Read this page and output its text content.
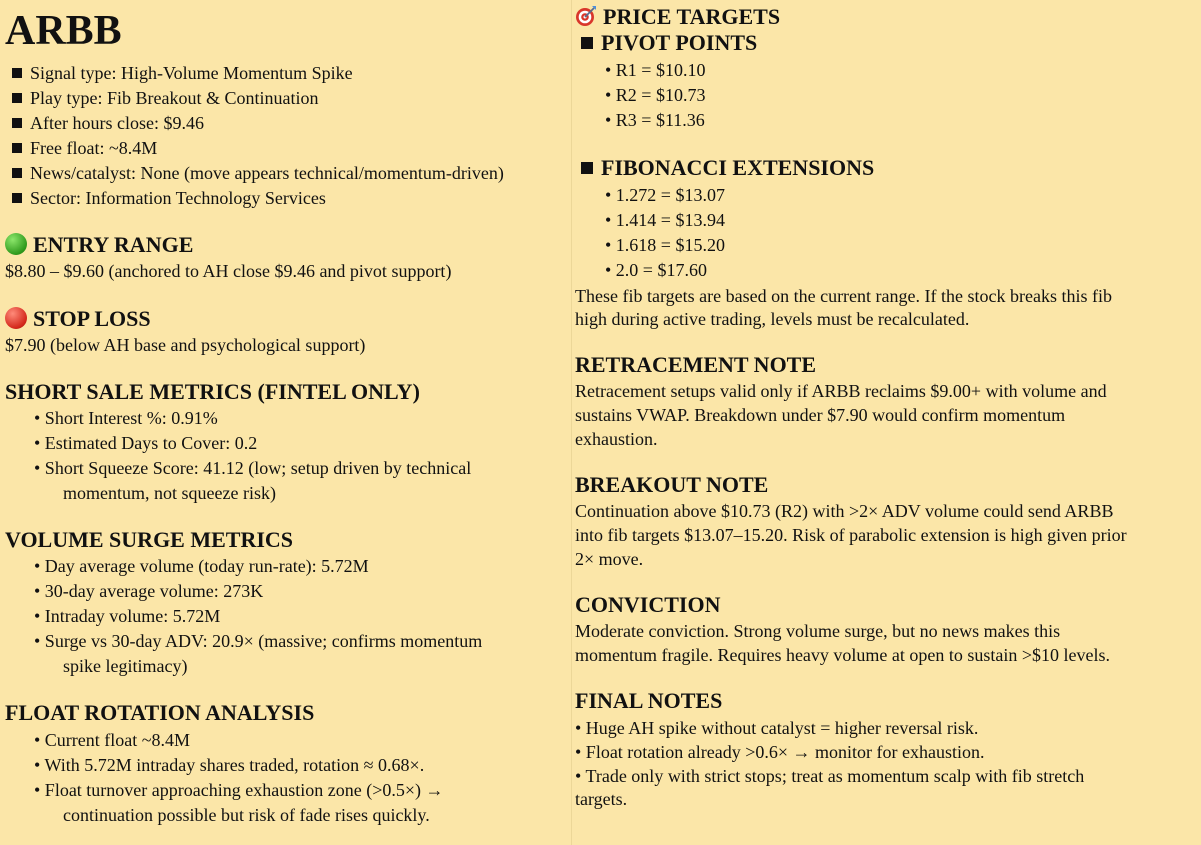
ARBB
Signal type: High-Volume Momentum Spike
Play type: Fib Breakout & Continuation
After hours close: $9.46
Free float: ~8.4M
News/catalyst: None (move appears technical/momentum-driven)
Sector: Information Technology Services
ENTRY RANGE
$8.80 – $9.60 (anchored to AH close $9.46 and pivot support)
STOP LOSS
$7.90 (below AH base and psychological support)
SHORT SALE METRICS (FINTEL ONLY)
• Short Interest %: 0.91%
• Estimated Days to Cover: 0.2
• Short Squeeze Score: 41.12 (low; setup driven by technical
momentum, not squeeze risk)
VOLUME SURGE METRICS
• Day average volume (today run-rate): 5.72M
• 30-day average volume: 273K
• Intraday volume: 5.72M
• Surge vs 30-day ADV: 20.9× (massive; confirms momentum
spike legitimacy)
FLOAT ROTATION ANALYSIS
• Current float ~8.4M
• With 5.72M intraday shares traded, rotation ≈ 0.68×.
• Float turnover approaching exhaustion zone (>0.5×) →
continuation possible but risk of fade rises quickly.
PRICE TARGETS
PIVOT POINTS
• R1 = $10.10
• R2 = $10.73
• R3 = $11.36
FIBONACCI EXTENSIONS
• 1.272 = $13.07
• 1.414 = $13.94
• 1.618 = $15.20
• 2.0 = $17.60
These fib targets are based on the current range. If the stock breaks this fib
high during active trading, levels must be recalculated.
RETRACEMENT NOTE
Retracement setups valid only if ARBB reclaims $9.00+ with volume and
sustains VWAP. Breakdown under $7.90 would confirm momentum
exhaustion.
BREAKOUT NOTE
Continuation above $10.73 (R2) with >2× ADV volume could send ARBB
into fib targets $13.07–15.20. Risk of parabolic extension is high given prior
2× move.
CONVICTION
Moderate conviction. Strong volume surge, but no news makes this
momentum fragile. Requires heavy volume at open to sustain >$10 levels.
FINAL NOTES
• Huge AH spike without catalyst = higher reversal risk.
• Float rotation already >0.6× → monitor for exhaustion.
• Trade only with strict stops; treat as momentum scalp with fib stretch
targets.
